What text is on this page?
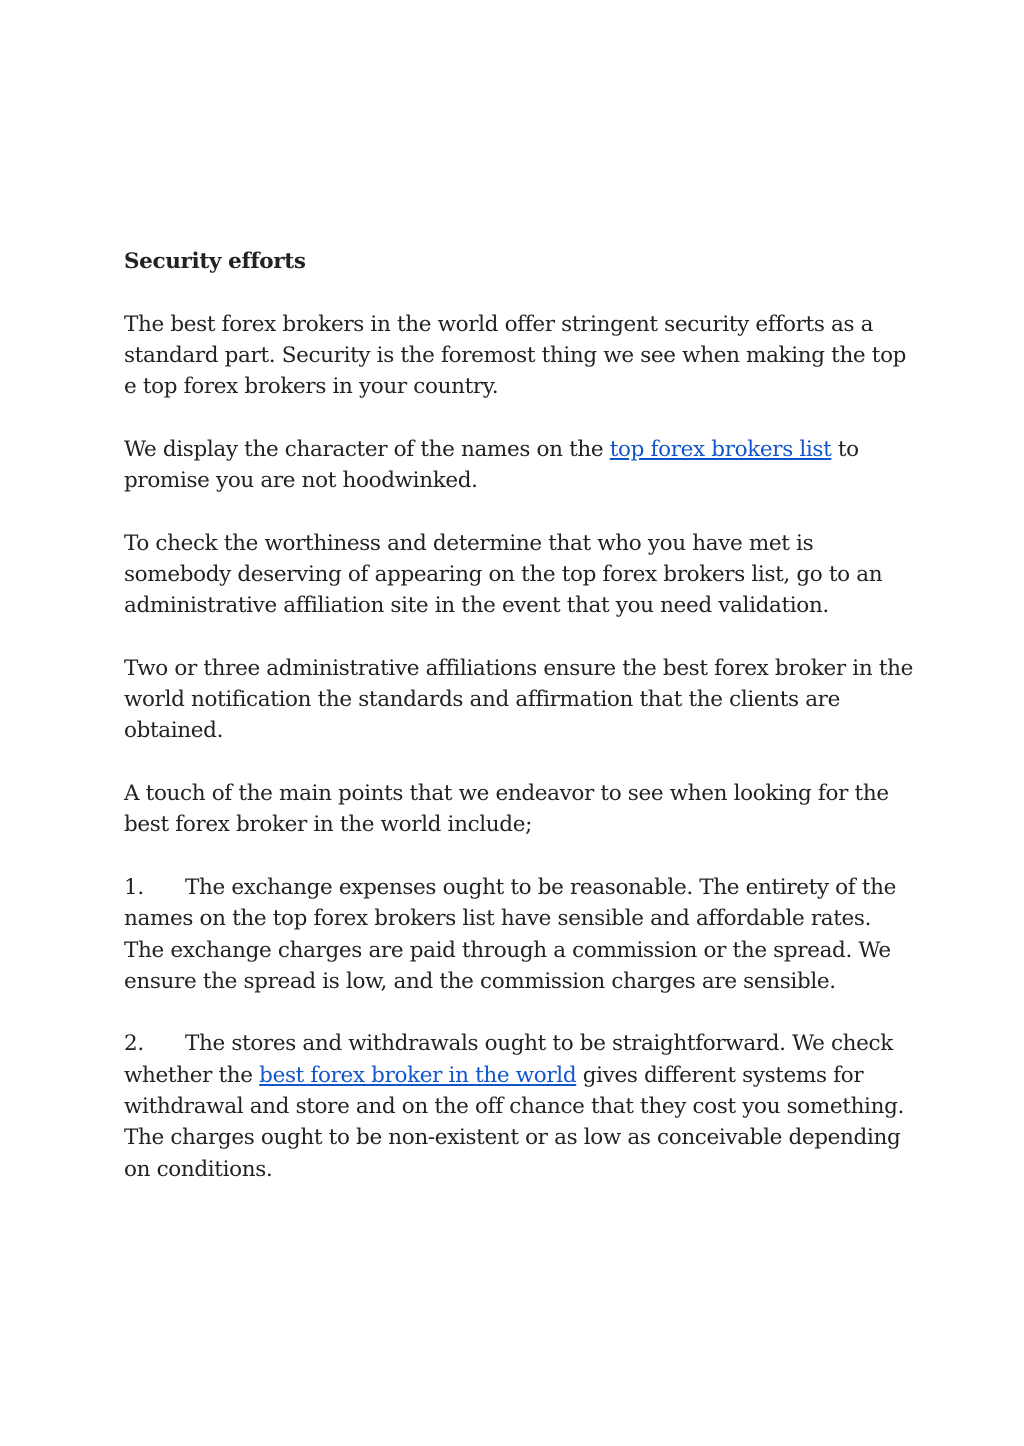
Security efforts

The best forex brokers in the world offer stringent security efforts as a standard part. Security is the foremost thing we see when making the top e top forex brokers in your country.

We display the character of the names on the top forex brokers list to promise you are not hoodwinked.

To check the worthiness and determine that who you have met is somebody deserving of appearing on the top forex brokers list, go to an administrative affiliation site in the event that you need validation.

Two or three administrative affiliations ensure the best forex broker in the world notification the standards and affirmation that the clients are obtained.

A touch of the main points that we endeavor to see when looking for the best forex broker in the world include;

1. The exchange expenses ought to be reasonable. The entirety of the names on the top forex brokers list have sensible and affordable rates. The exchange charges are paid through a commission or the spread. We ensure the spread is low, and the commission charges are sensible.

2. The stores and withdrawals ought to be straightforward. We check whether the best forex broker in the world gives different systems for withdrawal and store and on the off chance that they cost you something. The charges ought to be non-existent or as low as conceivable depending on conditions.
